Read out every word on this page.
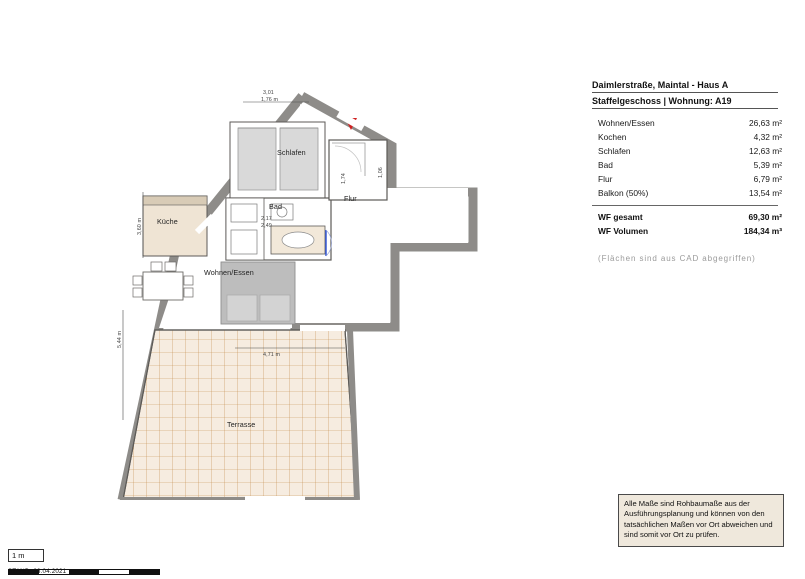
Küche
Schlafen
Bad
Flur
Wohnen/Essen
Terrasse
3,01
1,76 m
3,60 m
5,44 m
2,17
2,49
1,74
4,71 m
1,06
Daimlerstraße, Maintal - Haus A
Staffelgeschoss | Wohnung: A19
Wohnen/Essen	26,63 m²
Kochen	4,32 m²
Schlafen	12,63 m²
Bad	5,39 m²
Flur	6,79 m²
Balkon (50%)	13,54 m²
WF gesamt	69,30 m²
WF Volumen	184,34 m³
(Flächen sind aus CAD abgegriffen)

Alle Maße sind Rohbaumaße aus der Ausführungsplanung und können von den tatsächlichen Maßen vor Ort abweichen und sind somit vor Ort zu prüfen.

1 m
STAND: 23.04.2021
